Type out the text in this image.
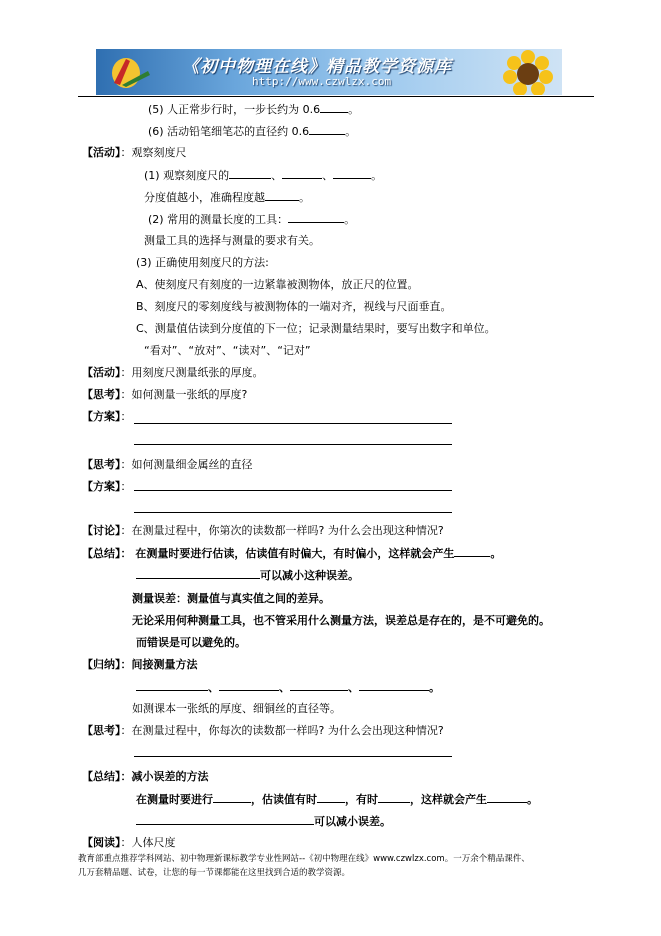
《初中物理在线》精品教学资源库
http://www.czwlzx.com
(5) 人正常步行时，一步长约为 0.6	。
(6) 活动铅笔细笔芯的直径约 0.6	。
【活动】：观察刻度尺
(1) 观察刻度尺的	、	、	。
分度值越小，准确程度越	。
(2) 常用的测量长度的工具：	。
测量工具的选择与测量的要求有关。
(3) 正确使用刻度尺的方法:
A、使刻度尺有刻度的一边紧靠被测物体，放正尺的位置。
B、刻度尺的零刻度线与被测物体的一端对齐，视线与尺面垂直。
C、测量值估读到分度值的下一位；记录测量结果时，要写出数字和单位。
“看对”、“放对”、“读对”、“记对”
【活动】：用刻度尺测量纸张的厚度。
【思考】：如何测量一张纸的厚度?
【方案】：
【思考】：如何测量细金属丝的直径
【方案】：
【讨论】：在测量过程中，你第次的读数都一样吗? 为什么会出现这种情况?
【总结】： 在测量时要进行估读，估读值有时偏大，有时偏小，这样就会产生	。
可以减小这种误差。
测量误差：测量值与真实值之间的差异。
无论采用何种测量工具，也不管采用什么测量方法，误差总是存在的，是不可避免的。
而错误是可以避免的。
【归纳】：间接测量方法
、	、	、	。
如测课本一张纸的厚度、细铜丝的直径等。
【思考】：在测量过程中，你每次的读数都一样吗? 为什么会出现这种情况?
【总结】：减小误差的方法
在测量时要进行	，估读值有时	，有时	，这样就会产生	。
可以减小误差。
【阅读】：人体尺度
教育部重点推荐学科网站、初中物理新课标教学专业性网站--《初中物理在线》www.czwlzx.com。一万余个精品课件、
几万套精品题、试卷，让您的每一节课都能在这里找到合适的教学资源。
